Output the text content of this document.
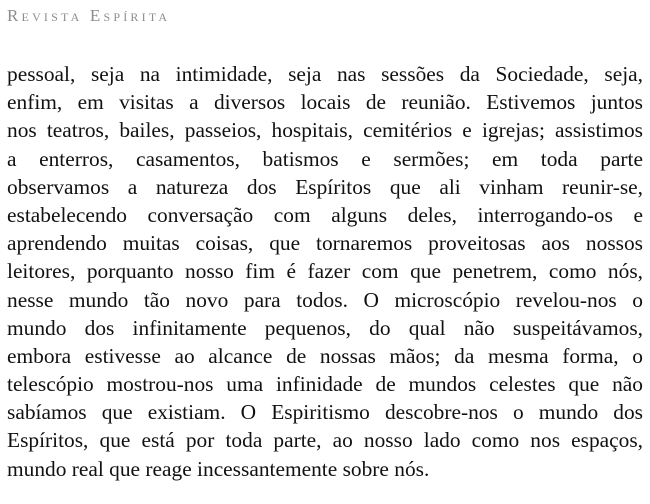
Revista Espírita
pessoal, seja na intimidade, seja nas sessões da Sociedade, seja,
enfim, em visitas a diversos locais de reunião. Estivemos juntos
nos teatros, bailes, passeios, hospitais, cemitérios e igrejas; assistimos
a enterros, casamentos, batismos e sermões; em toda parte
observamos a natureza dos Espíritos que ali vinham reunir-se,
estabelecendo conversação com alguns deles, interrogando-os e
aprendendo muitas coisas, que tornaremos proveitosas aos nossos
leitores, porquanto nosso fim é fazer com que penetrem, como nós,
nesse mundo tão novo para todos. O microscópio revelou-nos o
mundo dos infinitamente pequenos, do qual não suspeitávamos,
embora estivesse ao alcance de nossas mãos; da mesma forma, o
telescópio mostrou-nos uma infinidade de mundos celestes que não
sabíamos que existiam. O Espiritismo descobre-nos o mundo dos
Espíritos, que está por toda parte, ao nosso lado como nos espaços,
mundo real que reage incessantemente sobre nós.
